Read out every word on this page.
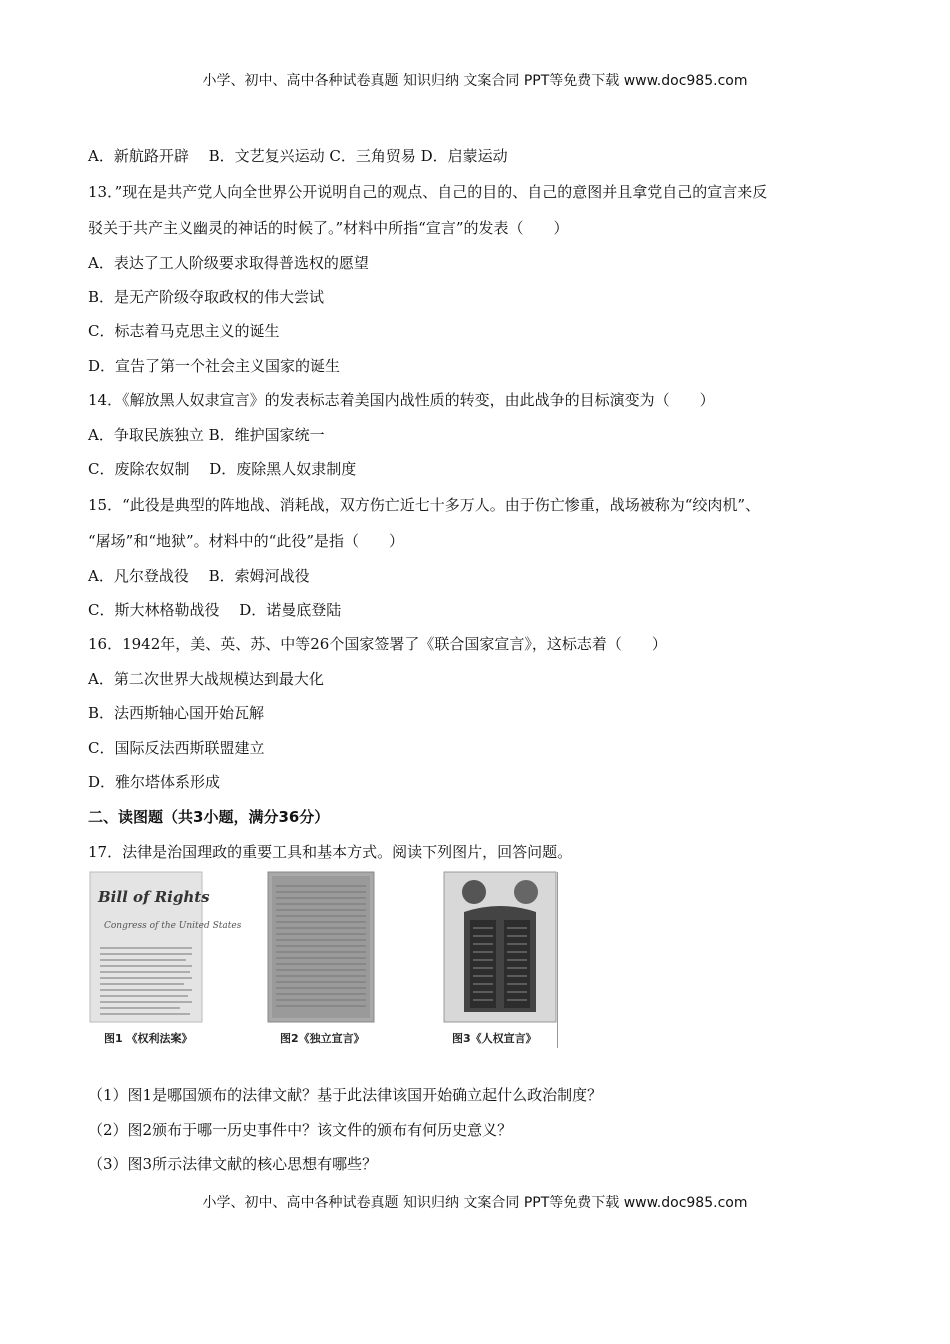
小学、初中、高中各种试卷真题 知识归纳 文案合同 PPT等免费下载 www.doc985.com
A．新航路开辟　 B．文艺复兴运动 C．三角贸易 D．启蒙运动
13．”现在是共产党人向全世界公开说明自己的观点、自己的目的、自己的意图并且拿党自己的宣言来反
驳关于共产主义幽灵的神话的时候了。”材料中所指“宣言”的发表（　　）
A．表达了工人阶级要求取得普选权的愿望
B．是无产阶级夺取政权的伟大尝试
C．标志着马克思主义的诞生
D．宣告了第一个社会主义国家的诞生
14．《解放黑人奴隶宣言》的发表标志着美国内战性质的转变，由此战争的目标演变为（　　）
A．争取民族独立 B．维护国家统一
C．废除农奴制　 D．废除黑人奴隶制度
15．“此役是典型的阵地战、消耗战，双方伤亡近七十多万人。由于伤亡惨重，战场被称为“绞肉机”、
“屠场”和“地狱”。材料中的“此役”是指（　　）
A．凡尔登战役　 B．索姆河战役
C．斯大林格勒战役　 D．诺曼底登陆
16．1942年，美、英、苏、中等26个国家签署了《联合国家宣言》，这标志着（　　）
A．第二次世界大战规模达到最大化
B．法西斯轴心国开始瓦解
C．国际反法西斯联盟建立
D．雅尔塔体系形成
二、读图题（共3小题，满分36分）
17．法律是治国理政的重要工具和基本方式。阅读下列图片，回答问题。
Bill of Rights
Congress of the United States
图1 《权利法案》	图2《独立宣言》	图3《人权宣言》
（1）图1是哪国颁布的法律文献？基于此法律该国开始确立起什么政治制度？
（2）图2颁布于哪一历史事件中？该文件的颁布有何历史意义？
（3）图3所示法律文献的核心思想有哪些？
小学、初中、高中各种试卷真题 知识归纳 文案合同 PPT等免费下载 www.doc985.com
